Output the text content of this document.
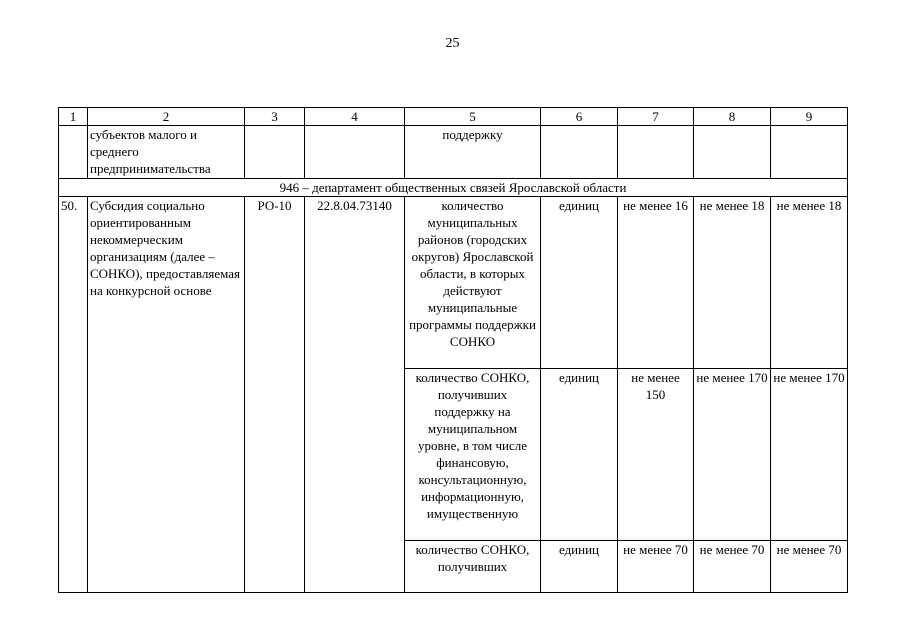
25
1	2	3	4	5	6	7	8	9
	субъектов малого и среднего предпринимательства			поддержку				
946 – департамент общественных связей Ярославской области								
50.	Субсидия социально ориентированным некоммерческим организациям (далее – СОНКО), предоставляемая на конкурсной основе	РО-10	22.8.04.73140	количество муниципальных районов (городских округов) Ярославской области, в которых действуют муниципальные программы поддержки СОНКО	единиц	не менее 16	не менее 18	не менее 18
				количество СОНКО, получивших поддержку на муниципальном уровне, в том числе финансовую, консультационную, информационную, имущественную	единиц	не менее 150	не менее 170	не менее 170
				количество СОНКО, получивших	единиц	не менее 70	не менее 70	не менее 70
